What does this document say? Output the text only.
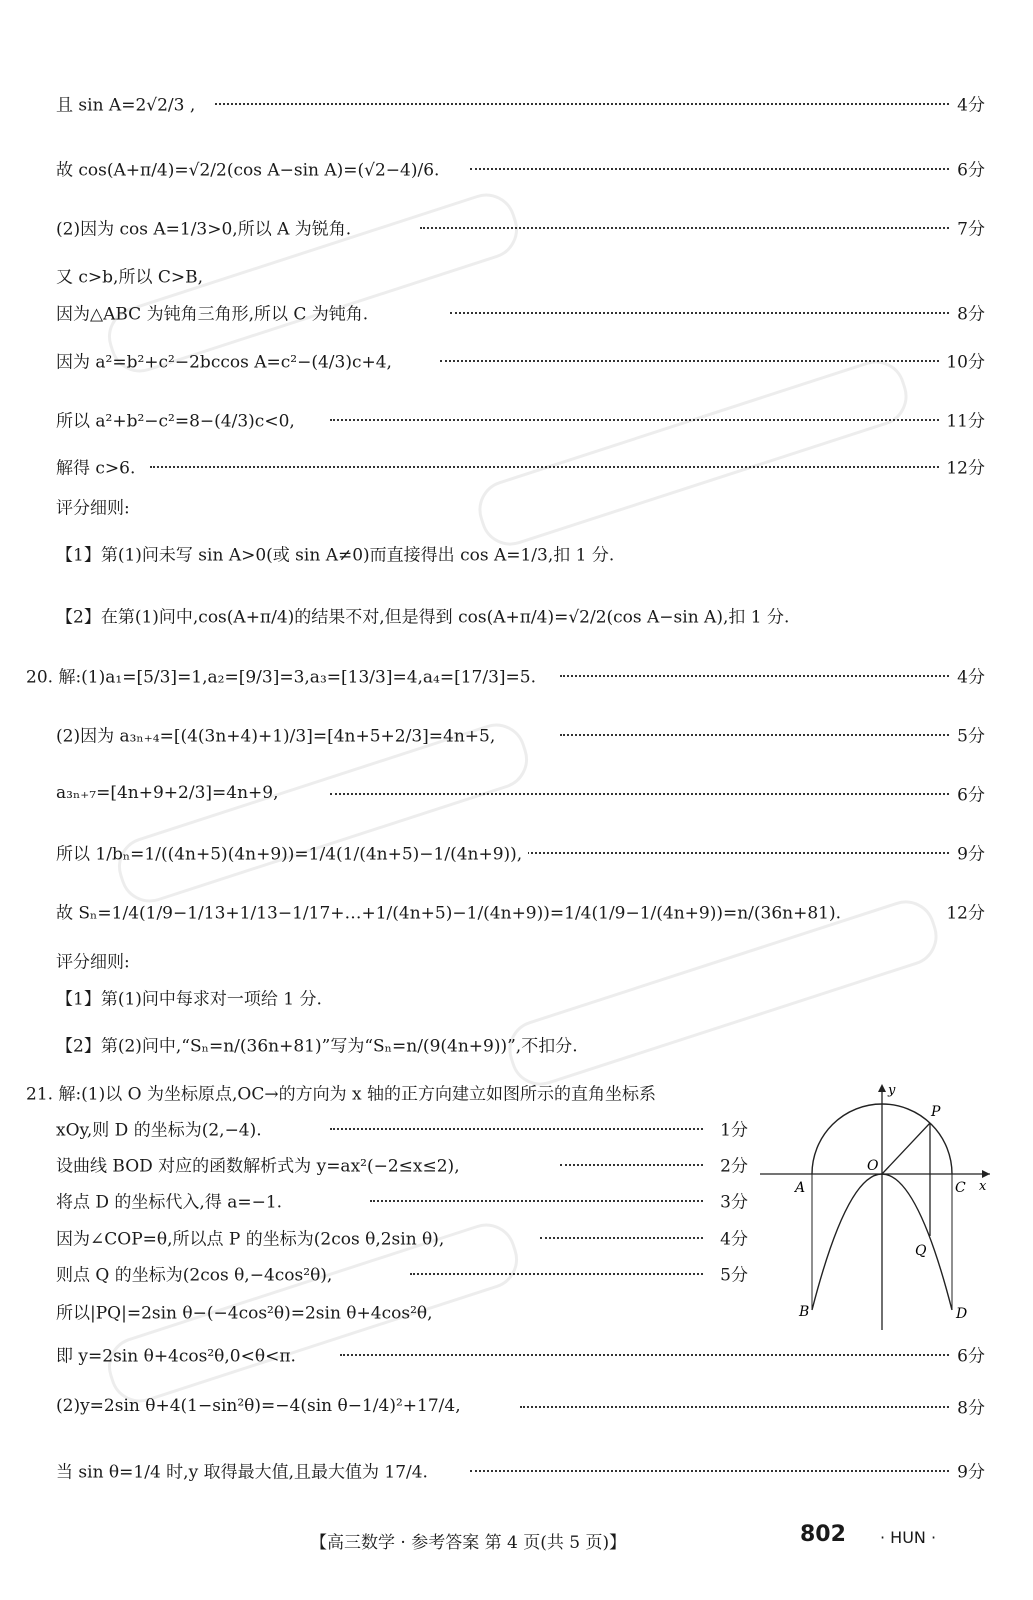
且 sin A=2√2/3 ,	4分
故 cos(A+π/4)=√2/2(cos A−sin A)=(√2−4)/6.	6分
(2)因为 cos A=1/3>0,所以 A 为锐角.	7分
又 c>b,所以 C>B,
因为△ABC 为钝角三角形,所以 C 为钝角.	8分
因为 a²=b²+c²−2bccos A=c²−(4/3)c+4,	10分
所以 a²+b²−c²=8−(4/3)c<0,	11分
解得 c>6.	12分
评分细则:
【1】第(1)问未写 sin A>0(或 sin A≠0)而直接得出 cos A=1/3,扣 1 分.
【2】在第(1)问中,cos(A+π/4)的结果不对,但是得到 cos(A+π/4)=√2/2(cos A−sin A),扣 1 分.
20. 解:(1)a₁=[5/3]=1,a₂=[9/3]=3,a₃=[13/3]=4,a₄=[17/3]=5.	4分
(2)因为 a₃ₙ₊₄=[(4(3n+4)+1)/3]=[4n+5+2/3]=4n+5,	5分
a₃ₙ₊₇=[4n+9+2/3]=4n+9,	6分
所以 1/bₙ=1/((4n+5)(4n+9))=1/4(1/(4n+5)−1/(4n+9)),	9分
故 Sₙ=1/4(1/9−1/13+1/13−1/17+…+1/(4n+5)−1/(4n+9))=1/4(1/9−1/(4n+9))=n/(36n+81).	12分
评分细则:
【1】第(1)问中每求对一项给 1 分.
【2】第(2)问中,“Sₙ=n/(36n+81)”写为“Sₙ=n/(9(4n+9))”,不扣分.
21. 解:(1)以 O 为坐标原点,OC→的方向为 x 轴的正方向建立如图所示的直角坐标系
xOy,则 D 的坐标为(2,−4).	1分
设曲线 BOD 对应的函数解析式为 y=ax²(−2≤x≤2),	2分
将点 D 的坐标代入,得 a=−1.	3分
因为∠COP=θ,所以点 P 的坐标为(2cos θ,2sin θ),	4分
则点 Q 的坐标为(2cos θ,−4cos²θ),	5分
所以|PQ|=2sin θ−(−4cos²θ)=2sin θ+4cos²θ,
即 y=2sin θ+4cos²θ,0<θ<π.	6分
(2)y=2sin θ+4(1−sin²θ)=−4(sin θ−1/4)²+17/4,	8分
当 sin θ=1/4 时,y 取得最大值,且最大值为 17/4.	9分
y
x
O
A	C
P
Q
B	D
【高三数学 · 参考答案 第 4 页(共 5 页)】	802 · HUN ·
